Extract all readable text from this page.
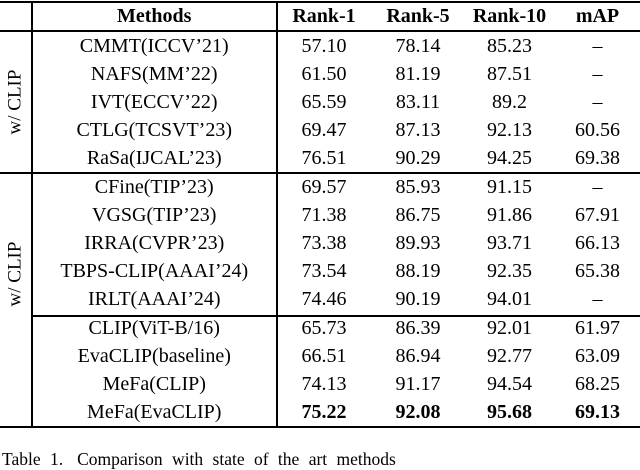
w/ CLIP
w/ CLIP
Methods	Rank-1	Rank-5	Rank-10	mAP
CMMT(ICCV’21)	57.10	78.14	85.23	–
NAFS(MM’22)	61.50	81.19	87.51	–
IVT(ECCV’22)	65.59	83.11	89.2	–
CTLG(TCSVT’23)	69.47	87.13	92.13	60.56
RaSa(IJCAL’23)	76.51	90.29	94.25	69.38
CFine(TIP’23)	69.57	85.93	91.15	–
VGSG(TIP’23)	71.38	86.75	91.86	67.91
IRRA(CVPR’23)	73.38	89.93	93.71	66.13
TBPS-CLIP(AAAI’24)	73.54	88.19	92.35	65.38
IRLT(AAAI’24)	74.46	90.19	94.01	–
CLIP(ViT-B/16)	65.73	86.39	92.01	61.97
EvaCLIP(baseline)	66.51	86.94	92.77	63.09
MeFa(CLIP)	74.13	91.17	94.54	68.25
MeFa(EvaCLIP)	75.22	92.08	95.68	69.13
Table 1. Comparison with state of the art methods
